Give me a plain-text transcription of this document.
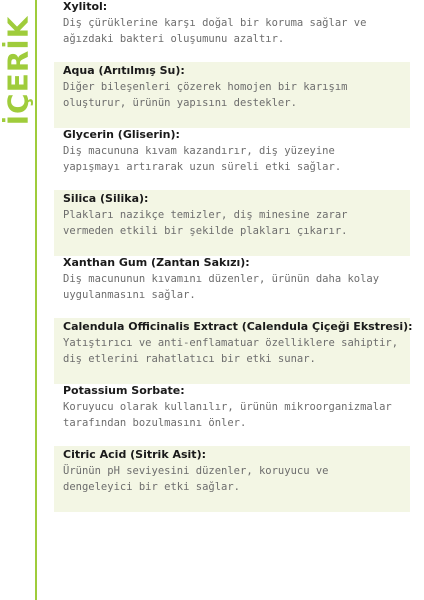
İÇERİK
Xylitol:
Diş çürüklerine karşı doğal bir koruma sağlar ve
ağızdaki bakteri oluşumunu azaltır.
Aqua (Arıtılmış Su):
Diğer bileşenleri çözerek homojen bir karışım
oluşturur, ürünün yapısını destekler.
Glycerin (Gliserin):
Diş macununa kıvam kazandırır, diş yüzeyine
yapışmayı artırarak uzun süreli etki sağlar.
Silica (Silika):
Plakları nazikçe temizler, diş minesine zarar
vermeden etkili bir şekilde plakları çıkarır.
Xanthan Gum (Zantan Sakızı):
Diş macununun kıvamını düzenler, ürünün daha kolay
uygulanmasını sağlar.
Calendula Officinalis Extract (Calendula Çiçeği Ekstresi):
Yatıştırıcı ve anti-enflamatuar özelliklere sahiptir,
diş etlerini rahatlatıcı bir etki sunar.
Potassium Sorbate:
Koruyucu olarak kullanılır, ürünün mikroorganizmalar
tarafından bozulmasını önler.
Citric Acid (Sitrik Asit):
Ürünün pH seviyesini düzenler, koruyucu ve
dengeleyici bir etki sağlar.
